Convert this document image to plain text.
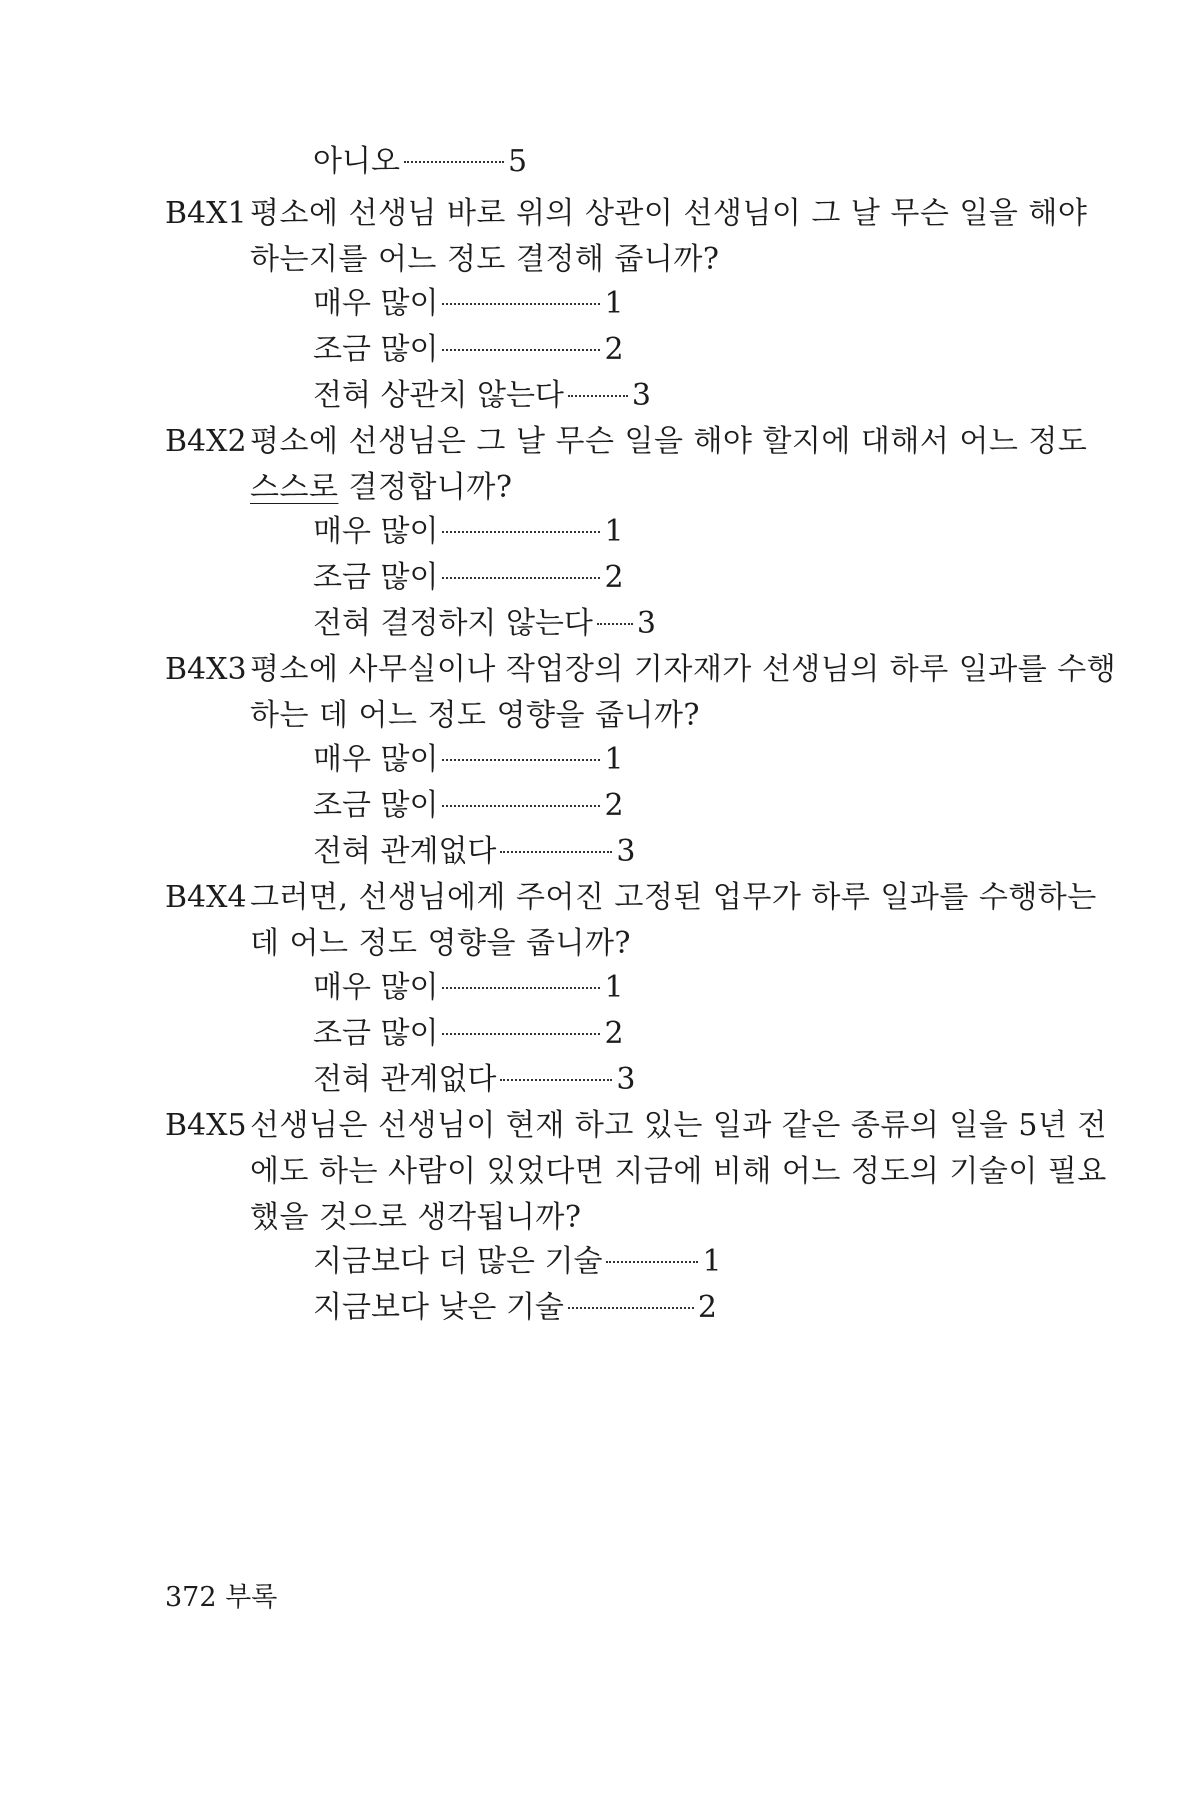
아니오	5
B4X1 평소에 선생님 바로 위의 상관이 선생님이 그 날 무슨 일을 해야
하는지를 어느 정도 결정해 줍니까?
매우 많이	1
조금 많이	2
전혀 상관치 않는다 3
B4X2 평소에 선생님은 그 날 무슨 일을 해야 할지에 대해서 어느 정도
스스로 결정합니까?
매우 많이	1
조금 많이	2
전혀 결정하지 않는다 3
B4X3 평소에 사무실이나 작업장의 기자재가 선생님의 하루 일과를 수행
하는 데 어느 정도 영향을 줍니까?
매우 많이	1
조금 많이	2
전혀 관계없다	3
B4X4 그러면, 선생님에게 주어진 고정된 업무가 하루 일과를 수행하는
데 어느 정도 영향을 줍니까?
매우 많이	1
조금 많이	2
전혀 관계없다	3
B4X5 선생님은 선생님이 현재 하고 있는 일과 같은 종류의 일을 5년 전
에도 하는 사람이 있었다면 지금에 비해 어느 정도의 기술이 필요
했을 것으로 생각됩니까?
지금보다 더 많은 기술	1
지금보다 낮은 기술	2
372 부록
